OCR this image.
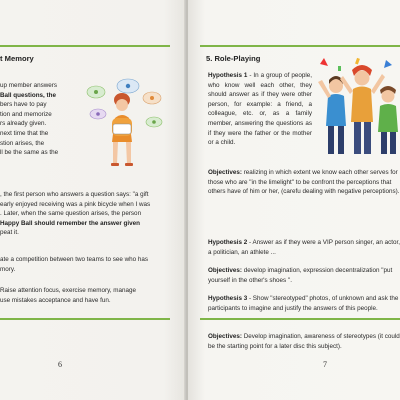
t Memory
up member answers
Ball questions, the
bers have to pay
tion and memorize
rs already given.
next time that the
stion arises, the
ll be the same as the
, the first person who answers a question says: "a gift
early enjoyed receiving was a pink bicycle when I was
. Later, when the same question arises, the person
Happy Ball should remember the answer given
peat it.
ate a competition between two teams to see who has
mory.
Raise attention focus, exercise memory, manage
use mistakes acceptance and have fun.
6
5. Role-Playing
Hypothesis 1 - In a group of people, who know well each other, they should answer as if they were other person, for example: a friend, a colleague, etc. or, as a family member, answering the questions as if they were the father or the mother or a child.
Objectives: realizing in which extent we know each other serves for those who are "in the limelight" to be confront the perceptions that others have of him or her, (carefu dealing with negative perceptions).
Hypothesis 2 - Answer as if they were a VIP person singer, an actor, a politician, an athlete ...
Objectives: develop imagination, expression decentralization "put yourself in the other's shoes ".
Hypothesis 3 - Show "stereotyped" photos, of unknown and ask the participants to imagine and justify the answers of this people.
Objectives: Develop imagination, awareness of stereotypes (it could be the starting point for a later disc this subject).
7
